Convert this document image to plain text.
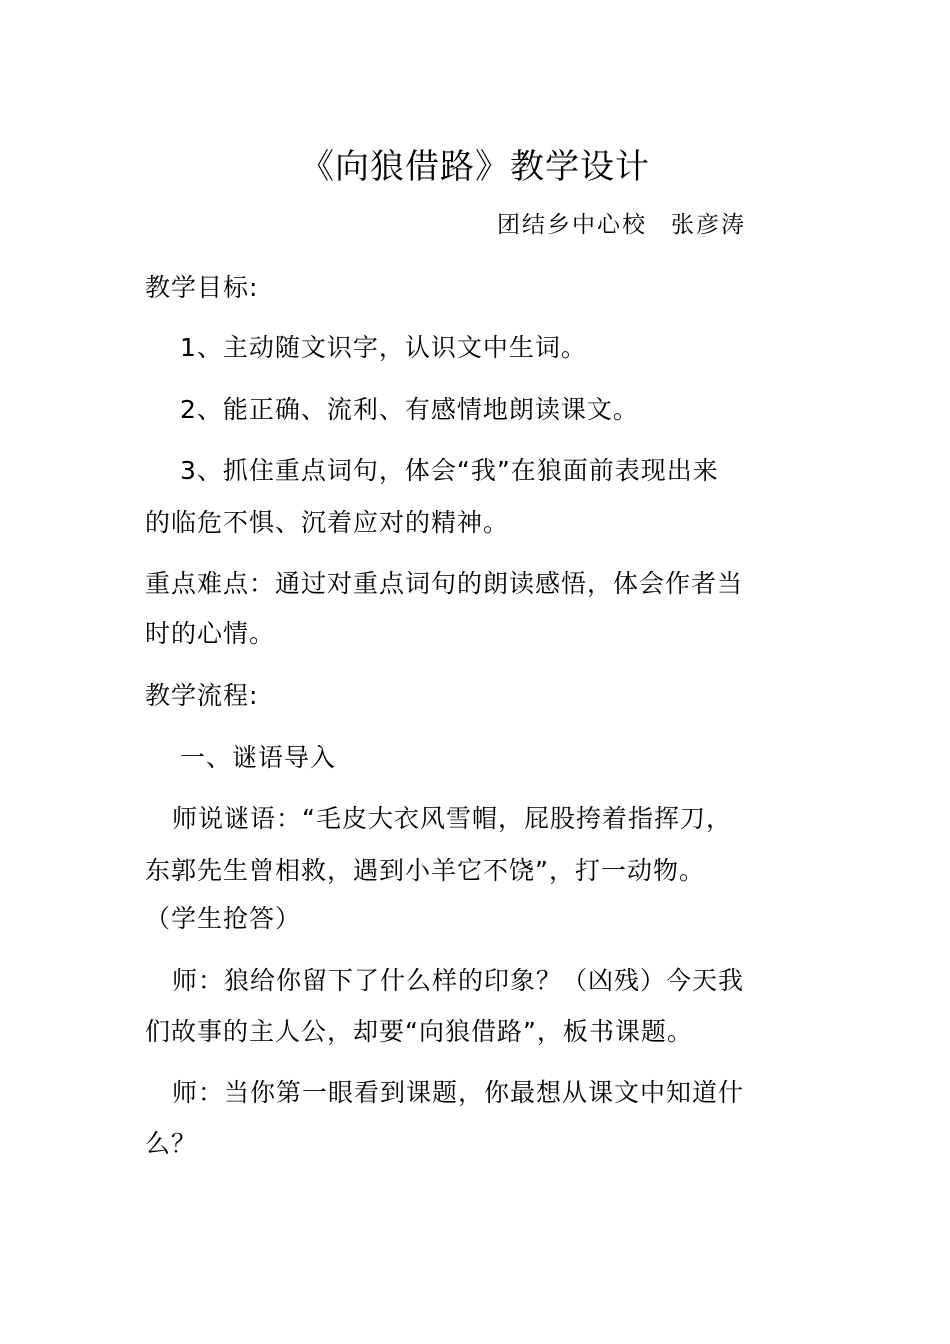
《向狼借路》教学设计
团结乡中心校 张彦涛
教学目标:
1、主动随文识字，认识文中生词。
2、能正确、流利、有感情地朗读课文。
3、抓住重点词句，体会“我”在狼面前表现出来
的临危不惧、沉着应对的精神。
重点难点：通过对重点词句的朗读感悟，体会作者当
时的心情。
教学流程:
一、谜语导入
师说谜语：“毛皮大衣风雪帽，屁股挎着指挥刀，
东郭先生曾相救，遇到小羊它不饶”，打一动物。
（学生抢答）
师：狼给你留下了什么样的印象？（凶残）今天我
们故事的主人公，却要“向狼借路”，板书课题。
师：当你第一眼看到课题，你最想从课文中知道什
么？
